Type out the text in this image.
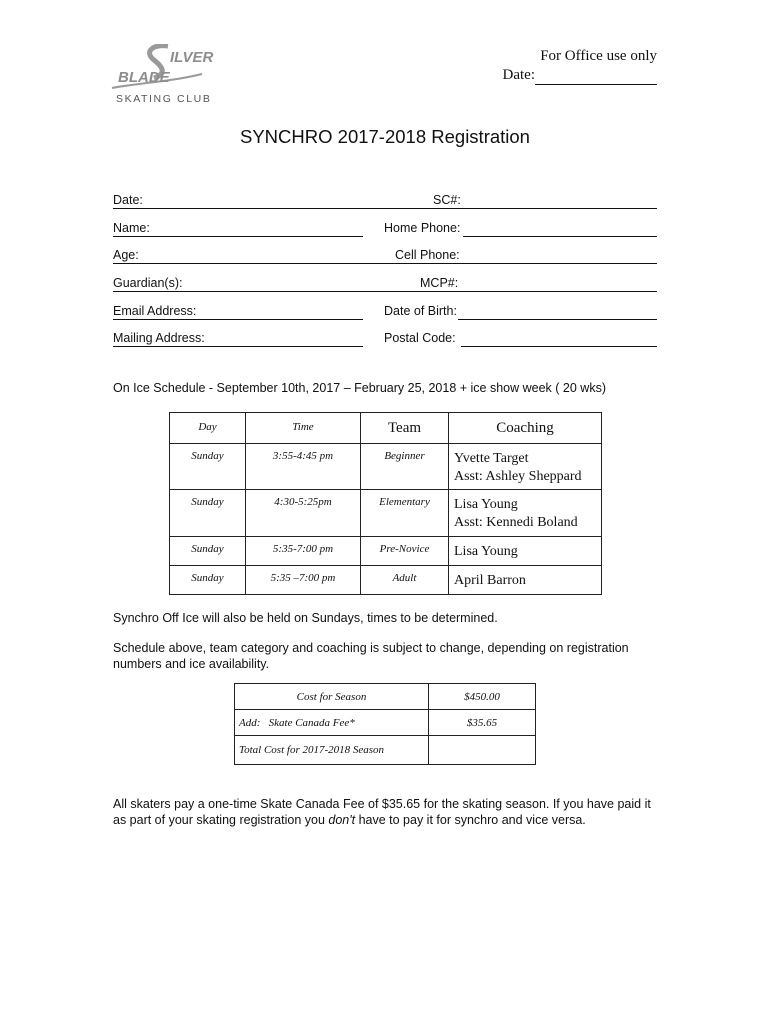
ILVER
BLADE
SKATING CLUB
For Office use only
Date:
SYNCHRO 2017-2018 Registration
Date:	SC#:
Name:	Home Phone:
Age:	Cell Phone:
Guardian(s):	MCP#:
Email Address:	Date of Birth:
Mailing Address:	Postal Code:
On Ice Schedule - September 10th, 2017 – February 25, 2018 + ice show week ( 20 wks)
Day	Time	Team	Coaching
Sunday	3:55-4:45 pm	Beginner	Yvette Target
Asst: Ashley Sheppard

Sunday	4:30-5:25pm	Elementary	Lisa Young
Asst: Kennedi Boland

Sunday	5:35-7:00 pm	Pre-Novice	Lisa Young

Sunday	5:35 –7:00 pm	Adult	April Barron
Synchro Off Ice will also be held on Sundays, times to be determined.
Schedule above, team category and coaching is subject to change, depending on registration numbers and ice availability.
Cost for Season	$450.00
Add:   Skate Canada Fee*	$35.65
Total Cost for 2017-2018 Season	
All skaters pay a one-time Skate Canada Fee of $35.65 for the skating season. If you have paid it as part of your skating registration you don't have to pay it for synchro and vice versa.
